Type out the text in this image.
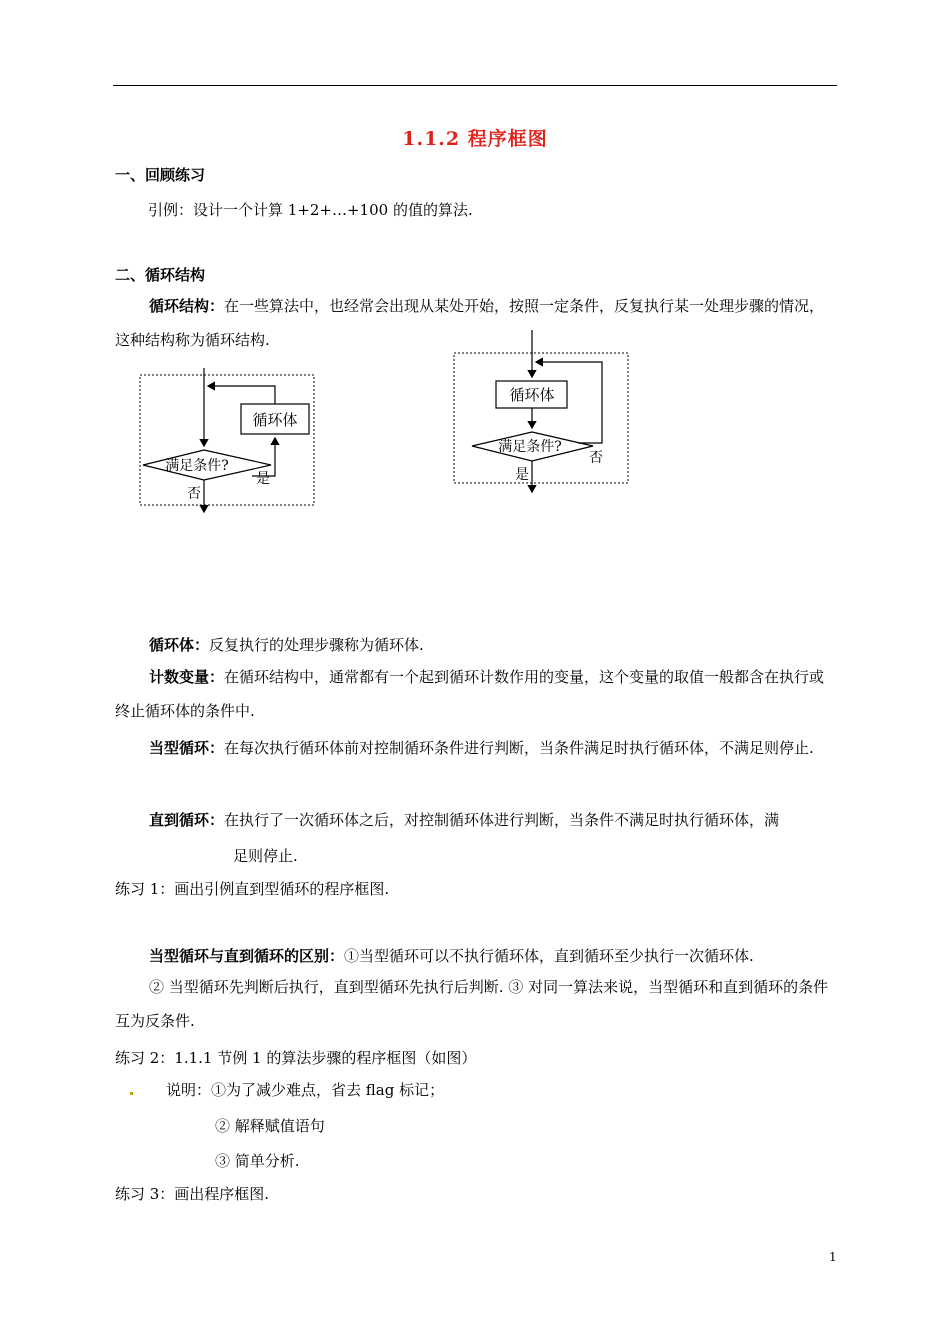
1.1.2 程序框图
一、回顾练习
引例：设计一个计算 1+2+…+100 的值的算法.
二、循环结构
循环结构：在一些算法中，也经常会出现从某处开始，按照一定条件，反复执行某一处理步骤的情况，这种结构称为循环结构.
满足条件?
循环体
是
否
循环体
满足条件?
否
是
循环体：反复执行的处理步骤称为循环体.
计数变量：在循环结构中，通常都有一个起到循环计数作用的变量，这个变量的取值一般都含在执行或终止循环体的条件中.
当型循环：在每次执行循环体前对控制循环条件进行判断，当条件满足时执行循环体，不满足则停止.
直到循环：在执行了一次循环体之后，对控制循环体进行判断，当条件不满足时执行循环体，满
足则停止.
练习 1：画出引例直到型循环的程序框图.
当型循环与直到循环的区别：①当型循环可以不执行循环体，直到循环至少执行一次循环体.
② 当型循环先判断后执行，直到型循环先执行后判断. ③ 对同一算法来说，当型循环和直到循环的条件互为反条件.
练习 2：1.1.1 节例 1 的算法步骤的程序框图（如图）
说明：①为了减少难点，省去 flag 标记；
② 解释赋值语句
③ 简单分析.
练习 3：画出程序框图.
1
